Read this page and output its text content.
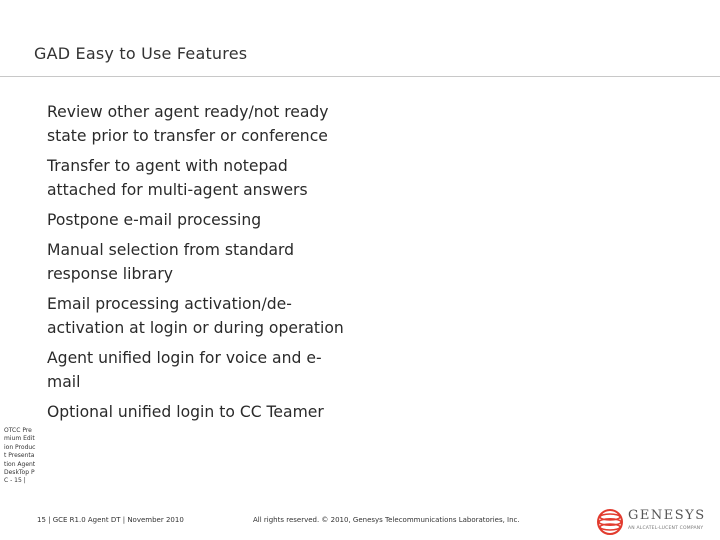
GAD Easy to Use Features
Review other agent ready/not ready state prior to transfer or conference
Transfer to agent with notepad attached for multi-agent answers
Postpone e-mail processing
Manual selection from standard response library
Email processing activation/de-activation at login or during operation
Agent unified login for voice and e-mail
Optional unified login to CC Teamer
OTCC Premium Edition Product Presentation Agent DeskTop PC - 15 |
15 | GCE R1.0 Agent DT | November 2010	All rights reserved. © 2010, Genesys Telecommunications Laboratories, Inc.	GENESYS
AN ALCATEL-LUCENT COMPANY
